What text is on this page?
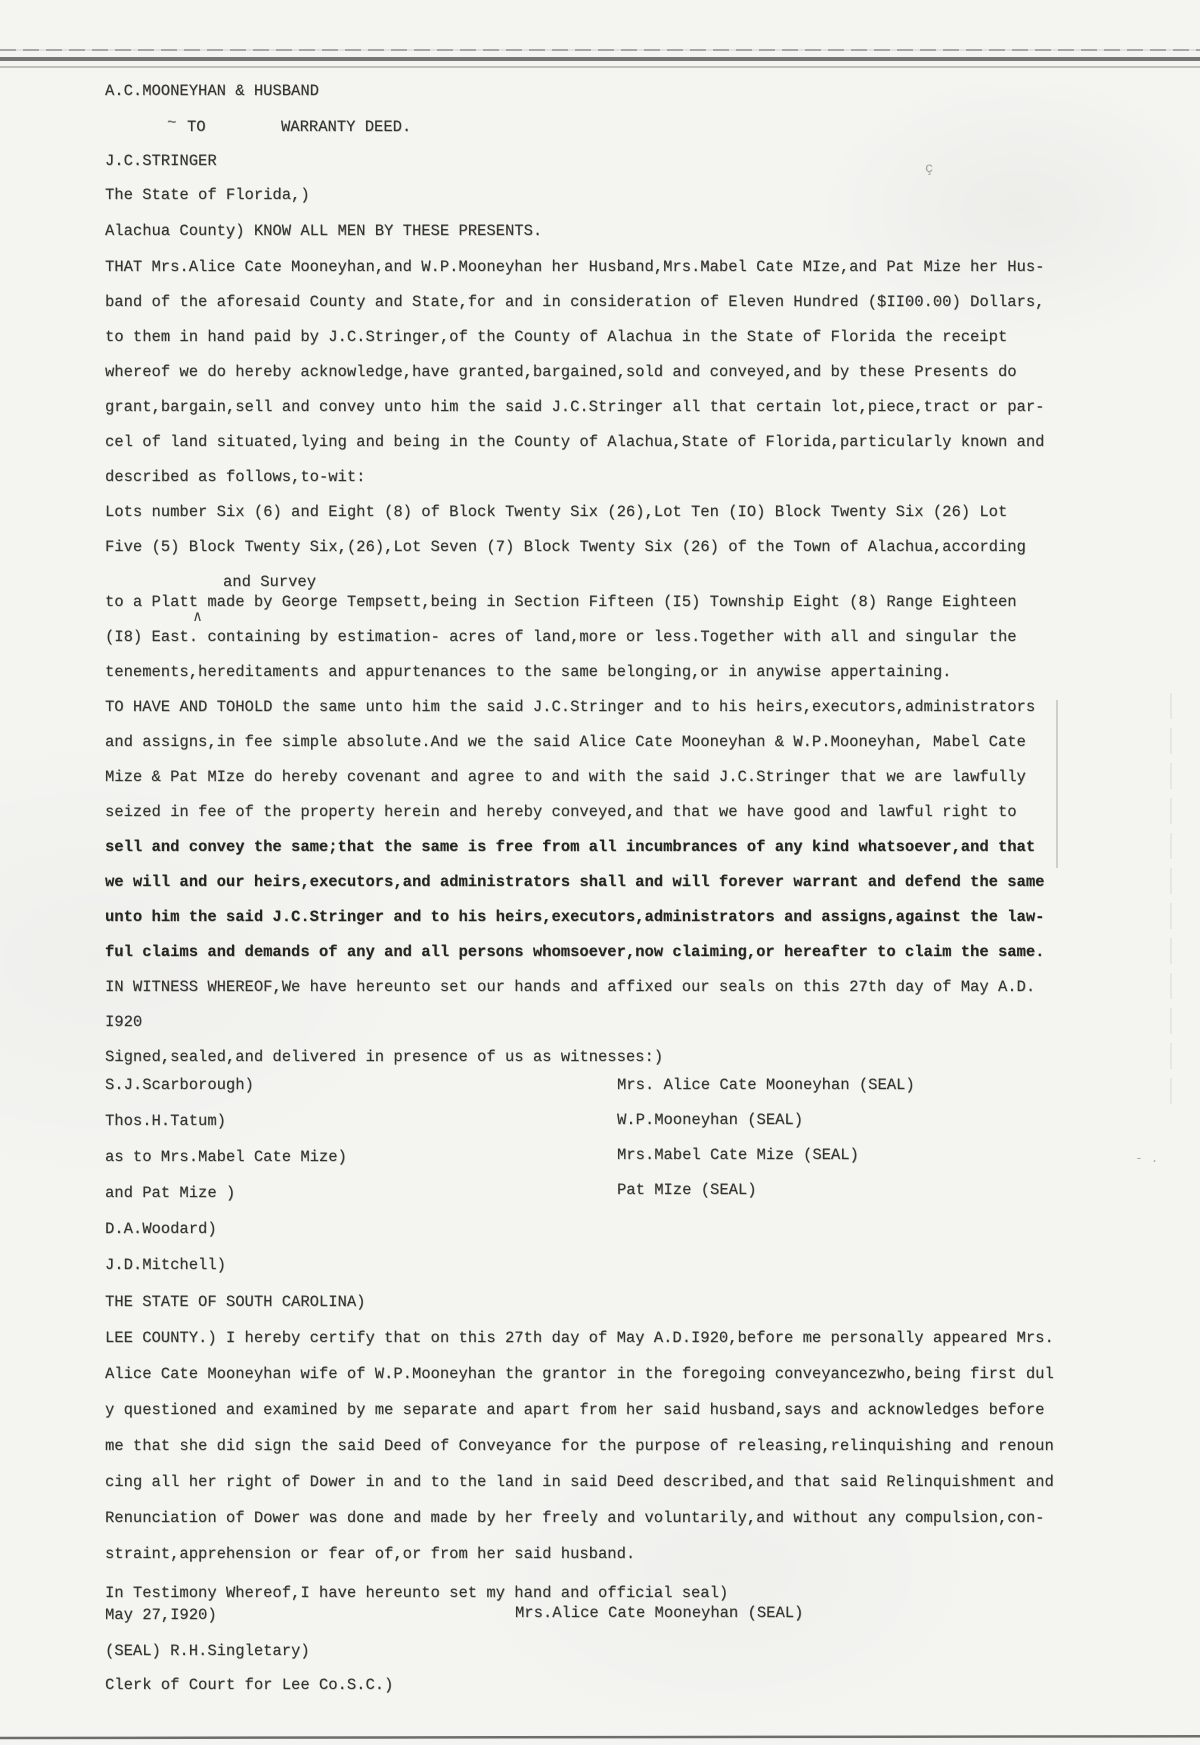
A.C.MOONEYHAN & HUSBAND
~ TO	WARRANTY DEED.
J.C.STRINGER
The State of Florida,)
Alachua County) KNOW ALL MEN BY THESE PRESENTS.
THAT Mrs.Alice Cate Mooneyhan,and W.P.Mooneyhan her Husband,Mrs.Mabel Cate MIze,and Pat Mize her Hus-
band of the aforesaid County and State,for and in consideration of Eleven Hundred ($II00.00) Dollars,
to them in hand paid by J.C.Stringer,of the County of Alachua in the State of Florida the receipt
whereof we do hereby acknowledge,have granted,bargained,sold and conveyed,and by these Presents do
grant,bargain,sell and convey unto him the said J.C.Stringer all that certain lot,piece,tract or par-
cel of land situated,lying and being in the County of Alachua,State of Florida,particularly known and
described as follows,to-wit:
Lots number Six (6) and Eight (8) of Block Twenty Six (26),Lot Ten (IO) Block Twenty Six (26) Lot
Five (5) Block Twenty Six,(26),Lot Seven (7) Block Twenty Six (26) of the Town of Alachua,according
and Survey
to a Platt made by George Tempsett,being in Section Fifteen (I5) Township Eight (8) Range Eighteen
(I8) East. containing by estimation- acres of land,more or less.Together with all and singular the
tenements,hereditaments and appurtenances to the same belonging,or in anywise appertaining.
TO HAVE AND TOHOLD the same unto him the said J.C.Stringer and to his heirs,executors,administrators
and assigns,in fee simple absolute.And we the said Alice Cate Mooneyhan & W.P.Mooneyhan, Mabel Cate
Mize & Pat MIze do hereby covenant and agree to and with the said J.C.Stringer that we are lawfully
seized in fee of the property herein and hereby conveyed,and that we have good and lawful right to
sell and convey the same;that the same is free from all incumbrances of any kind whatsoever,and that
we will and our heirs,executors,and administrators shall and will forever warrant and defend the same
unto him the said J.C.Stringer and to his heirs,executors,administrators and assigns,against the law-
ful claims and demands of any and all persons whomsoever,now claiming,or hereafter to claim the same.
IN WITNESS WHEREOF,We have hereunto set our hands and affixed our seals on this 27th day of May A.D.
I920
Signed,sealed,and delivered in presence of us as witnesses:)
∧
S.J.Scarborough)
Thos.H.Tatum)
as to Mrs.Mabel Cate Mize)
and Pat Mize )
D.A.Woodard)
J.D.Mitchell)
Mrs. Alice Cate Mooneyhan (SEAL)
W.P.Mooneyhan (SEAL)
Mrs.Mabel Cate Mize (SEAL)
Pat MIze (SEAL)
THE STATE OF SOUTH CAROLINA)
LEE COUNTY.) I hereby certify that on this 27th day of May A.D.I920,before me personally appeared Mrs.
Alice Cate Mooneyhan wife of W.P.Mooneyhan the grantor in the foregoing conveyancezwho,being first dul
y questioned and examined by me separate and apart from her said husband,says and acknowledges before
me that she did sign the said Deed of Conveyance for the purpose of releasing,relinquishing and renoun
cing all her right of Dower in and to the land in said Deed described,and that said Relinquishment and
Renunciation of Dower was done and made by her freely and voluntarily,and without any compulsion,con-
straint,apprehension or fear of,or from her said husband.
In Testimony Whereof,I have hereunto set my hand and official seal)
May 27,I920)	Mrs.Alice Cate Mooneyhan (SEAL)
(SEAL) R.H.Singletary)
Clerk of Court for Lee Co.S.C.)
ç
- .
